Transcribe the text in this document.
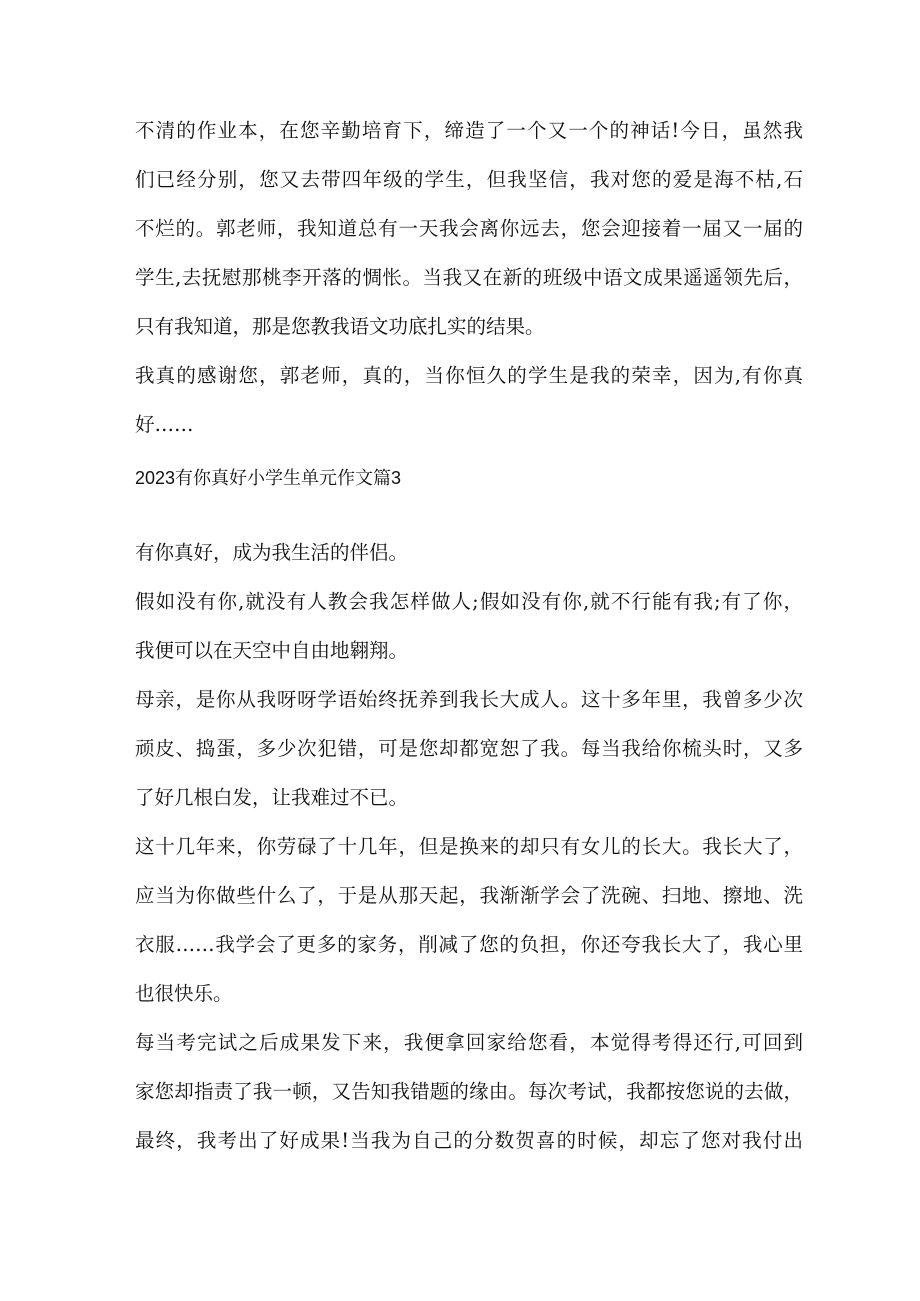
不清的作业本，在您辛勤培育下，缔造了一个又一个的神话!今日，虽然我
们已经分别，您又去带四年级的学生，但我坚信，我对您的爱是海不枯,石
不烂的。郭老师，我知道总有一天我会离你远去，您会迎接着一届又一届的
学生,去抚慰那桃李开落的惆怅。当我又在新的班级中语文成果遥遥领先后，
只有我知道，那是您教我语文功底扎实的结果。
我真的感谢您，郭老师，真的，当你恒久的学生是我的荣幸，因为,有你真
好……
2023有你真好小学生单元作文篇3
有你真好，成为我生活的伴侣。
假如没有你,就没有人教会我怎样做人;假如没有你,就不行能有我;有了你，
我便可以在天空中自由地翱翔。
母亲，是你从我呀呀学语始终抚养到我长大成人。这十多年里，我曾多少次
顽皮、捣蛋，多少次犯错，可是您却都宽恕了我。每当我给你梳头时，又多
了好几根白发，让我难过不已。
这十几年来，你劳碌了十几年，但是换来的却只有女儿的长大。我长大了，
应当为你做些什么了，于是从那天起，我渐渐学会了洗碗、扫地、擦地、洗
衣服……我学会了更多的家务，削减了您的负担，你还夸我长大了，我心里
也很快乐。
每当考完试之后成果发下来，我便拿回家给您看，本觉得考得还行,可回到
家您却指责了我一顿，又告知我错题的缘由。每次考试，我都按您说的去做，
最终，我考出了好成果!当我为自己的分数贺喜的时候，却忘了您对我付出
